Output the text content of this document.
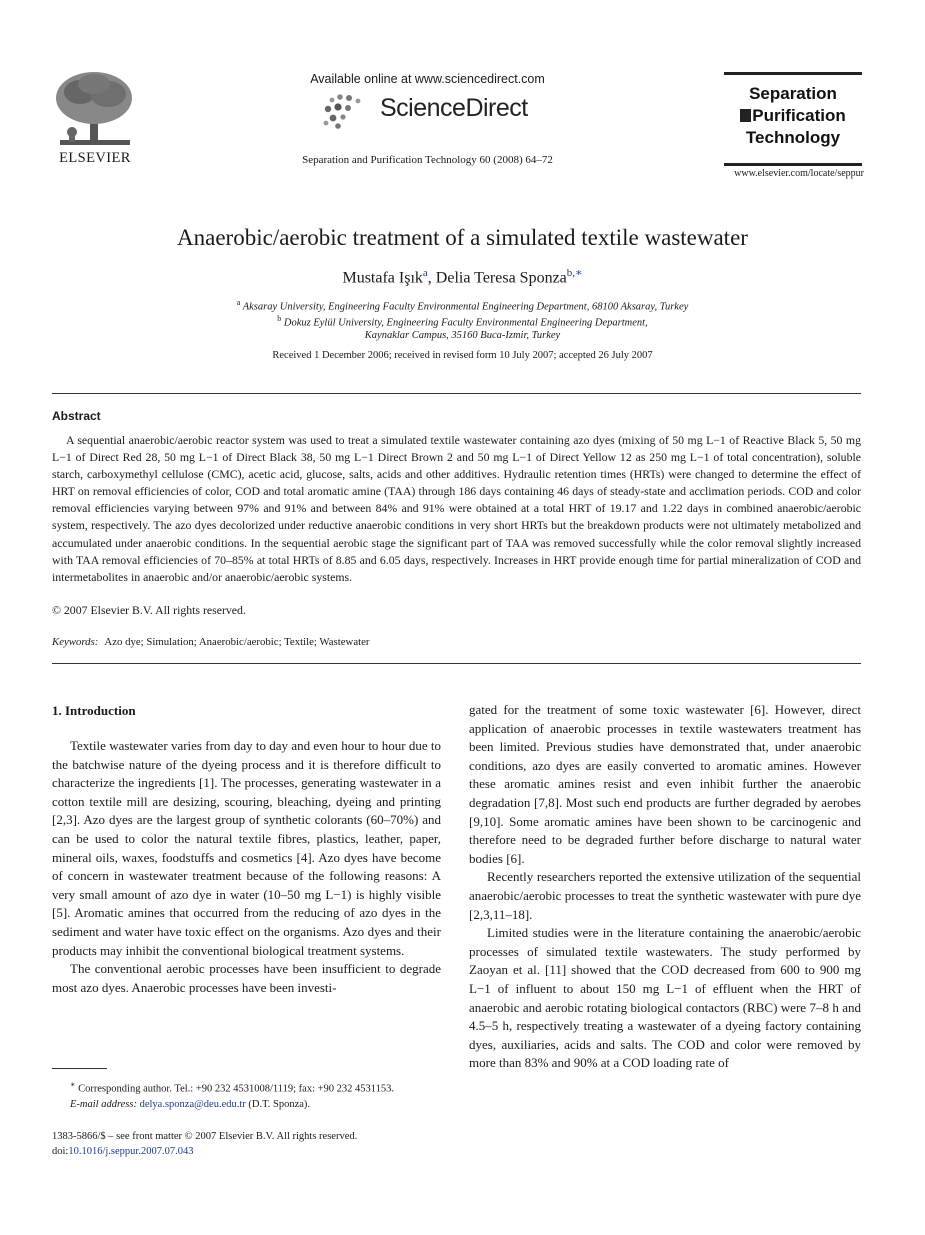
ELSEVIER
Available online at www.sciencedirect.com
ScienceDirect
Separation and Purification Technology 60 (2008) 64–72
Separation
Purification
Technology
www.elsevier.com/locate/seppur
Anaerobic/aerobic treatment of a simulated textile wastewater
Mustafa Işık$^a$, Delia Teresa Sponza$^{b,∗}$
$^a$ Aksaray University, Engineering Faculty Environmental Engineering Department, 68100 Aksaray, Turkey
$^b$ Dokuz Eylül University, Engineering Faculty Environmental Engineering Department,
Kaynaklar Campus, 35160 Buca-Izmir, Turkey
Received 1 December 2006; received in revised form 10 July 2007; accepted 26 July 2007
Abstract
A sequential anaerobic/aerobic reactor system was used to treat a simulated textile wastewater containing azo dyes (mixing of 50 mg L−1 of Reactive Black 5, 50 mg L−1 of Direct Red 28, 50 mg L−1 of Direct Black 38, 50 mg L−1 Direct Brown 2 and 50 mg L−1 of Direct Yellow 12 as 250 mg L−1 of total concentration), soluble starch, carboxymethyl cellulose (CMC), acetic acid, glucose, salts, acids and other additives. Hydraulic retention times (HRTs) were changed to determine the effect of HRT on removal efficiencies of color, COD and total aromatic amine (TAA) through 186 days containing 46 days of steady-state and acclimation periods. COD and color removal efficiencies varying between 97% and 91% and between 84% and 91% were obtained at a total HRT of 19.17 and 1.22 days in combined anaerobic/aerobic system, respectively. The azo dyes decolorized under reductive anaerobic conditions in very short HRTs but the breakdown products were not ultimately metabolized and accumulated under anaerobic conditions. In the sequential aerobic stage the significant part of TAA was removed successfully while the color removal slightly increased with TAA removal efficiencies of 70–85% at total HRTs of 8.85 and 6.05 days, respectively. Increases in HRT provide enough time for partial mineralization of COD and intermetabolites in anaerobic and/or anaerobic/aerobic systems.
© 2007 Elsevier B.V. All rights reserved.
Keywords: Azo dye; Simulation; Anaerobic/aerobic; Textile; Wastewater
1. Introduction

Textile wastewater varies from day to day and even hour to hour due to the batchwise nature of the dyeing process and it is therefore difficult to characterize the ingredients [1]. The processes, generating wastewater in a cotton textile mill are desizing, scouring, bleaching, dyeing and printing [2,3]. Azo dyes are the largest group of synthetic colorants (60–70%) and can be used to color the natural textile fibres, plastics, leather, paper, mineral oils, waxes, foodstuffs and cosmetics [4]. Azo dyes have become of concern in wastewater treatment because of the following reasons: A very small amount of azo dye in water (10–50 mg L−1) is highly visible [5]. Aromatic amines that occurred from the reducing of azo dyes in the sediment and water have toxic effect on the organisms. Azo dyes and their products may inhibit the conventional biological treatment systems.

The conventional aerobic processes have been insufficient to degrade most azo dyes. Anaerobic processes have been investi-

gated for the treatment of some toxic wastewater [6]. However, direct application of anaerobic processes in textile wastewaters treatment has been limited. Previous studies have demonstrated that, under anaerobic conditions, azo dyes are easily converted to aromatic amines. However these aromatic amines resist and even inhibit further the anaerobic degradation [7,8]. Most such end products are further degraded by aerobes [9,10]. Some aromatic amines have been shown to be carcinogenic and therefore need to be degraded further before discharge to natural water bodies [6].

Recently researchers reported the extensive utilization of the sequential anaerobic/aerobic processes to treat the synthetic wastewater with pure dye [2,3,11–18].

Limited studies were in the literature containing the anaerobic/aerobic processes of simulated textile wastewaters. The study performed by Zaoyan et al. [11] showed that the COD decreased from 600 to 900 mg L−1 of influent to about 150 mg L−1 of effluent when the HRT of anaerobic and aerobic rotating biological contactors (RBC) were 7–8 h and 4.5–5 h, respectively treating a wastewater of a dyeing factory containing dyes, auxiliaries, acids and salts. The COD and color were removed by more than 83% and 90% at a COD loading rate of

∗ Corresponding author. Tel.: +90 232 4531008/1119; fax: +90 232 4531153.
E-mail address: delya.sponza@deu.edu.tr (D.T. Sponza).
1383-5866/$ – see front matter © 2007 Elsevier B.V. All rights reserved.
doi:10.1016/j.seppur.2007.07.043
